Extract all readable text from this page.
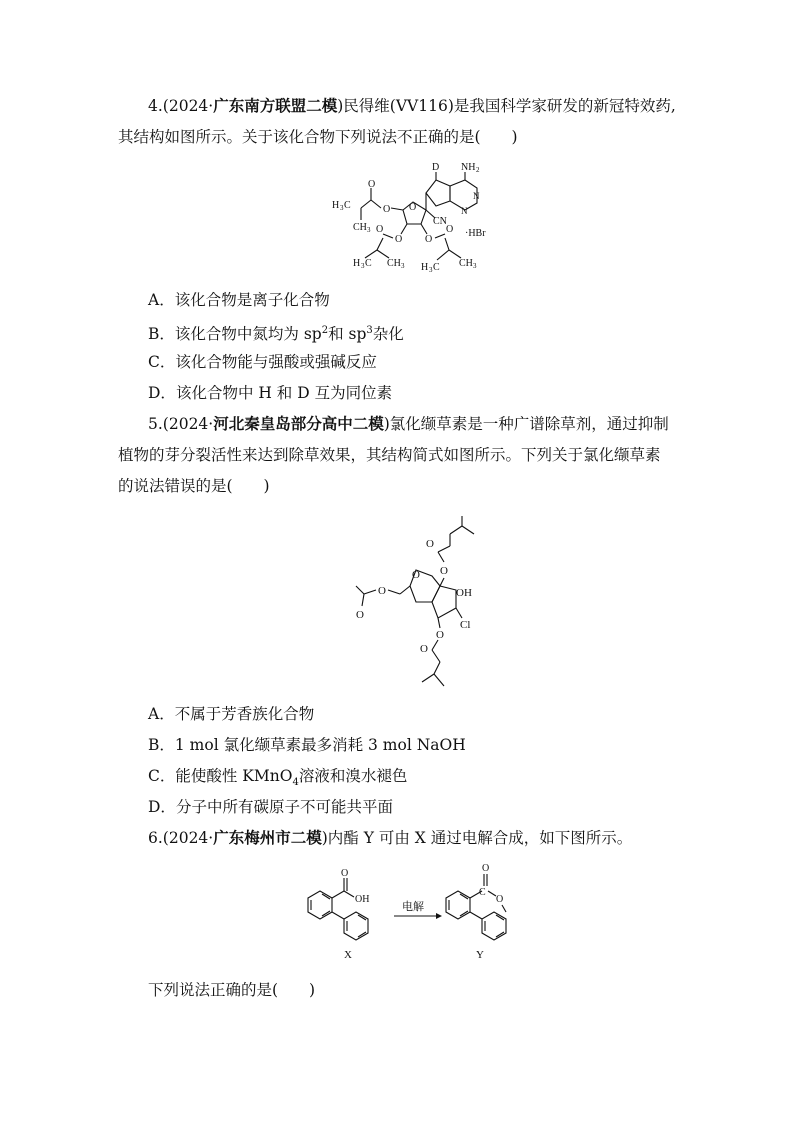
4.(2024·广东南方联盟二模)民得维(VV116)是我国科学家研发的新冠特效药,
其结构如图所示。关于该化合物下列说法不正确的是(　　)
D NH 2
N
N
O
CN
O
O
H 3 C
CH 3
O
O
H 3 C CH 3
O
O
H 3 C CH 3
·HBr
A．该化合物是离子化合物
B．该化合物中氮均为 $sp^2$和 $sp^3$杂化
C．该化合物能与强酸或强碱反应
D．该化合物中 H 和 D 互为同位素
5.(2024·河北秦皇岛部分高中二模)氯化缬草素是一种广谱除草剂，通过抑制
植物的芽分裂活性来达到除草效果，其结构简式如图所示。下列关于氯化缬草素
的说法错误的是(　　)
O
O
O
OH
Cl
O
O
O
O
A．不属于芳香族化合物
B．1 mol 氯化缬草素最多消耗 3 mol NaOH
C．能使酸性 KMnO$_4$溶液和溴水褪色
D．分子中所有碳原子不可能共平面
6.(2024·广东梅州市二模)内酯 Y 可由 X 通过电解合成，如下图所示。
O
OH
X
电解
C
O
O
Y
下列说法正确的是(　　)
